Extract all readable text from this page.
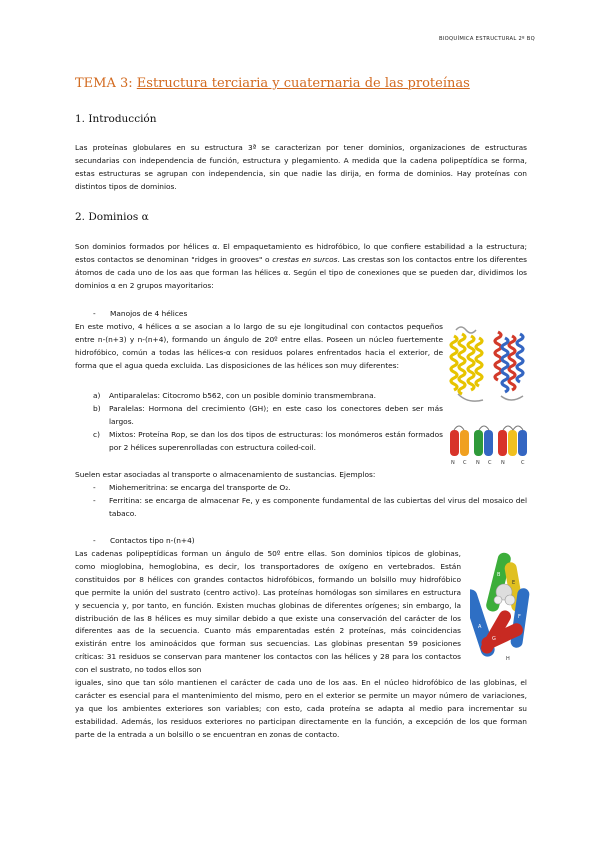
BIOQUÍMICA ESTRUCTURAL 2º BQ
TEMA 3: Estructura terciaria y cuaternaria de las proteínas
1. Introducción

Las proteínas globulares en su estructura 3ª se caracterizan por tener dominios, organizaciones de estructuras secundarias con independencia de función, estructura y plegamiento. A medida que la cadena polipeptídica se forma, estas estructuras se agrupan con independencia, sin que nadie las dirija, en forma de dominios. Hay proteínas con distintos tipos de dominios.

2. Dominios α

Son dominios formados por hélices α. El empaquetamiento es hidrofóbico, lo que confiere estabilidad a la estructura; estos contactos se denominan "ridges in grooves" o crestas en surcos. Las crestas son los contactos entre los diferentes átomos de cada uno de los aas que forman las hélices α. Según el tipo de conexiones que se pueden dar, dividimos los dominios α en 2 grupos mayoritarios:

- Manojos de 4 hélices

En este motivo, 4 hélices α se asocian a lo largo de su eje longitudinal con contactos pequeños entre n-(n+3) y n-(n+4), formando un ángulo de 20º entre ellas. Poseen un núcleo fuertemente hidrofóbico, común a todas las hélices-α con residuos polares enfrentados hacia el exterior, de forma que el agua queda excluida. Las disposiciones de las hélices son muy diferentes:

a) Antiparalelas: Citocromo b562, con un posible dominio transmembrana.
b) Paralelas: Hormona del crecimiento (GH); en este caso los conectores deben ser más largos.
c) Mixtos: Proteína Rop, se dan los dos tipos de estructuras: los monómeros están formados por 2 hélices superenrolladas con estructura coiled-coil.

Suelen estar asociadas al transporte o almacenamiento de sustancias. Ejemplos:

- Miohemeritrina: se encarga del transporte de O₂.
- Ferritina: se encarga de almacenar Fe, y es componente fundamental de las cubiertas del virus del mosaico del tabaco.
- Contactos tipo n-(n+4)

Las cadenas polipeptídicas forman un ángulo de 50º entre ellas. Son dominios típicos de globinas, como mioglobina, hemoglobina, es decir, los transportadores de oxígeno en vertebrados. Están constituidos por 8 hélices con grandes contactos hidrofóbicos, formando un bolsillo muy hidrofóbico que permite la unión del sustrato (centro activo). Las proteínas homólogas son similares en estructura y secuencia y, por tanto, en función. Existen muchas globinas de diferentes orígenes; sin embargo, la distribución de las 8 hélices es muy similar debido a que existe una conservación del carácter de los diferentes aas de la secuencia. Cuanto más emparentadas estén 2 proteínas, más coincidencias existirán entre los aminoácidos que forman sus secuencias. Las globinas presentan 59 posiciones críticas: 31 residuos se conservan para mantener los contactos con las hélices y 28 para los contactos con el sustrato, no todos ellos son

iguales, sino que tan sólo mantienen el carácter de cada uno de los aas. En el núcleo hidrofóbico de las globinas, el carácter es esencial para el mantenimiento del mismo, pero en el exterior se permite un mayor número de variaciones, ya que los ambientes exteriores son variables; con esto, cada proteína se adapta al medio para incrementar su estabilidad. Además, los residuos exteriores no participan directamente en la función, a excepción de los que forman parte de la entrada a un bolsillo o se encuentran en zonas de contacto.

N C N C N	C
A
B
E
F
G
H
